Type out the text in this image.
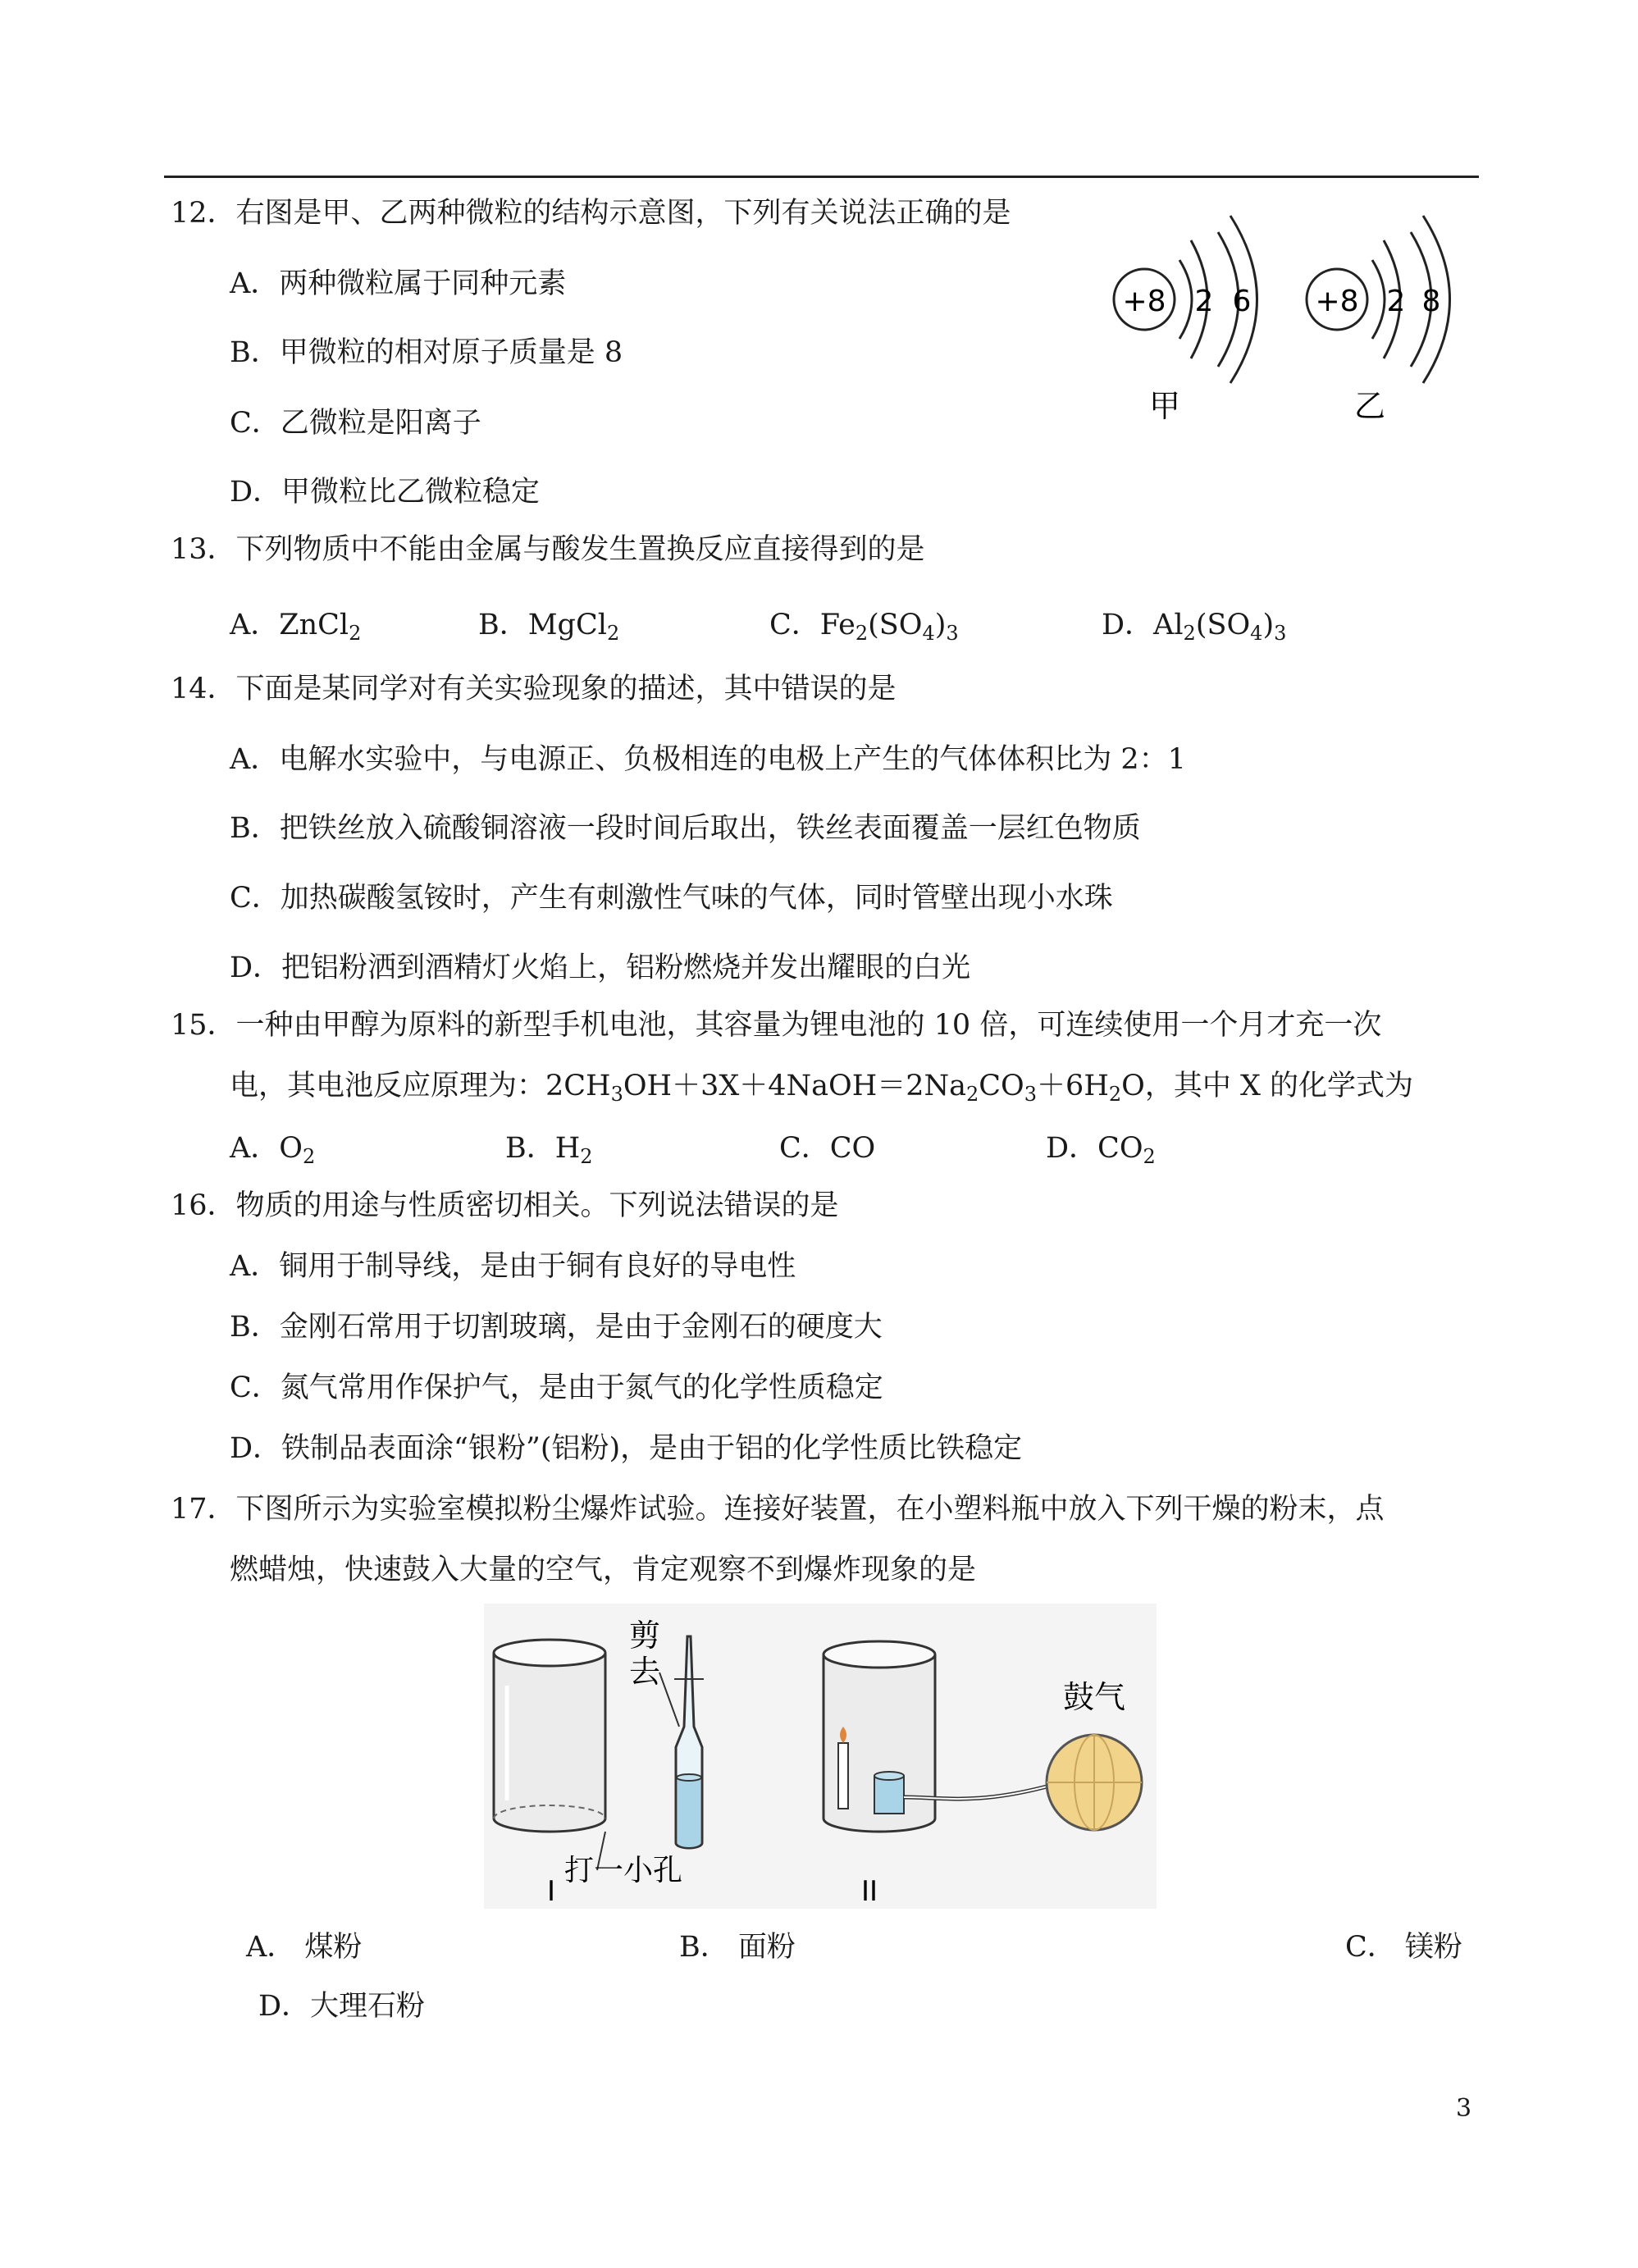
12．右图是甲、乙两种微粒的结构示意图，下列有关说法正确的是
A．两种微粒属于同种元素
B．甲微粒的相对原子质量是 8
C．乙微粒是阳离子
D．甲微粒比乙微粒稳定
+8 2 6
甲
+8 2 8
乙
13．下列物质中不能由金属与酸发生置换反应直接得到的是
A．ZnCl$_2$	B．MgCl$_2$	C．$Fe_2(SO_4)_3$	D．$Al_2(SO_4)_3$
14．下面是某同学对有关实验现象的描述，其中错误的是
A．电解水实验中，与电源正、负极相连的电极上产生的气体体积比为 2：1
B．把铁丝放入硫酸铜溶液一段时间后取出，铁丝表面覆盖一层红色物质
C．加热碳酸氢铵时，产生有刺激性气味的气体，同时管壁出现小水珠
D．把铝粉洒到酒精灯火焰上，铝粉燃烧并发出耀眼的白光
15．一种由甲醇为原料的新型手机电池，其容量为锂电池的 10 倍，可连续使用一个月才充一次
电，其电池反应原理为：$2CH_3OH+3X+4NaOH=2Na_2CO_3+6H_2O$，其中 X 的化学式为
A．$O_2$	B．$H_2$	C．CO	D．$CO_2$
16．物质的用途与性质密切相关。下列说法错误的是
A．铜用于制导线，是由于铜有良好的导电性
B．金刚石常用于切割玻璃，是由于金刚石的硬度大
C．氮气常用作保护气，是由于氮气的化学性质稳定
D．铁制品表面涂“银粉”(铝粉)，是由于铝的化学性质比铁稳定
17．下图所示为实验室模拟粉尘爆炸试验。连接好装置，在小塑料瓶中放入下列干燥的粉末，点
燃蜡烛，快速鼓入大量的空气，肯定观察不到爆炸现象的是
剪
去
打一小孔
I
鼓气
II
A． 煤粉	B． 面粉	C． 镁粉
D．大理石粉
3
